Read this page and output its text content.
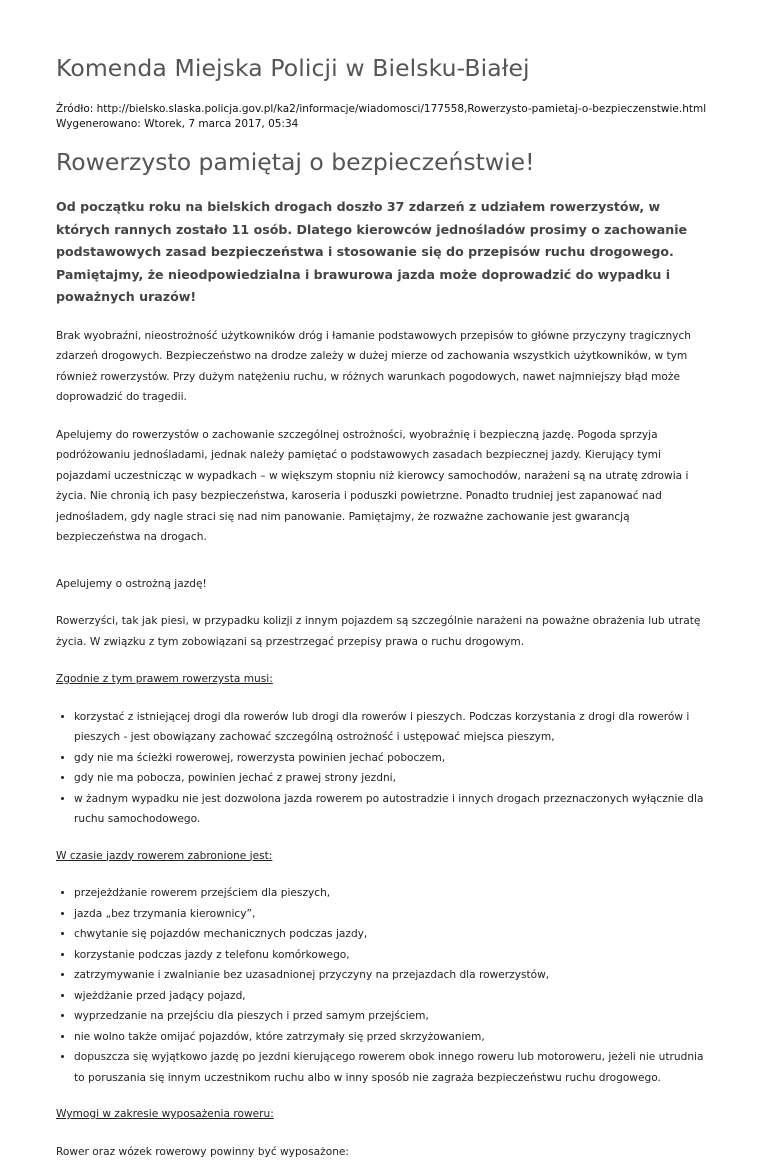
Komenda Miejska Policji w Bielsku-Białej
Źródło: http://bielsko.slaska.policja.gov.pl/ka2/informacje/wiadomosci/177558,Rowerzysto-pamietaj-o-bezpieczenstwie.html
Wygenerowano: Wtorek, 7 marca 2017, 05:34
Rowerzysto pamiętaj o bezpieczeństwie!

Od początku roku na bielskich drogach doszło 37 zdarzeń z udziałem rowerzystów, w których rannych zostało 11 osób. Dlatego kierowców jednośladów prosimy o zachowanie podstawowych zasad bezpieczeństwa i stosowanie się do przepisów ruchu drogowego. Pamiętajmy, że nieodpowiedzialna i brawurowa jazda może doprowadzić do wypadku i poważnych urazów!

Brak wyobraźni, nieostrożność użytkowników dróg i łamanie podstawowych przepisów to główne przyczyny tragicznych zdarzeń drogowych. Bezpieczeństwo na drodze zależy w dużej mierze od zachowania wszystkich użytkowników, w tym również rowerzystów. Przy dużym natężeniu ruchu, w różnych warunkach pogodowych, nawet najmniejszy błąd może doprowadzić do tragedii.

Apelujemy do rowerzystów o zachowanie szczególnej ostrożności, wyobraźnię i bezpieczną jazdę. Pogoda sprzyja podróżowaniu jednośladami, jednak należy pamiętać o podstawowych zasadach bezpiecznej jazdy. Kierujący tymi pojazdami uczestnicząc w wypadkach – w większym stopniu niż kierowcy samochodów, narażeni są na utratę zdrowia i życia. Nie chronią ich pasy bezpieczeństwa, karoseria i poduszki powietrzne. Ponadto trudniej jest zapanować nad jednośladem, gdy nagle straci się nad nim panowanie. Pamiętajmy, że rozważne zachowanie jest gwarancją bezpieczeństwa na drogach.

Apelujemy o ostrożną jazdę!

Rowerzyści, tak jak piesi, w przypadku kolizji z innym pojazdem są szczególnie narażeni na poważne obrażenia lub utratę życia. W związku z tym zobowiązani są przestrzegać przepisy prawa o ruchu drogowym.

Zgodnie z tym prawem rowerzysta musi:

• korzystać z istniejącej drogi dla rowerów lub drogi dla rowerów i pieszych. Podczas korzystania z drogi dla rowerów i pieszych - jest obowiązany zachować szczególną ostrożność i ustępować miejsca pieszym,
• gdy nie ma ścieżki rowerowej, rowerzysta powinien jechać poboczem,
• gdy nie ma pobocza, powinien jechać z prawej strony jezdni,
• w żadnym wypadku nie jest dozwolona jazda rowerem po autostradzie i innych drogach przeznaczonych wyłącznie dla ruchu samochodowego.

W czasie jazdy rowerem zabronione jest:

• przejeżdżanie rowerem przejściem dla pieszych,
• jazda „bez trzymania kierownicy”,
• chwytanie się pojazdów mechanicznych podczas jazdy,
• korzystanie podczas jazdy z telefonu komórkowego,
• zatrzymywanie i zwalnianie bez uzasadnionej przyczyny na przejazdach dla rowerzystów,
• wjeżdżanie przed jadący pojazd,
• wyprzedzanie na przejściu dla pieszych i przed samym przejściem,
• nie wolno także omijać pojazdów, które zatrzymały się przed skrzyżowaniem,
• dopuszcza się wyjątkowo jazdę po jezdni kierującego rowerem obok innego roweru lub motoroweru, jeżeli nie utrudnia to poruszania się innym uczestnikom ruchu albo w inny sposób nie zagraża bezpieczeństwu ruchu drogowego.

Wymogi w zakresie wyposażenia roweru:

Rower oraz wózek rowerowy powinny być wyposażone:
